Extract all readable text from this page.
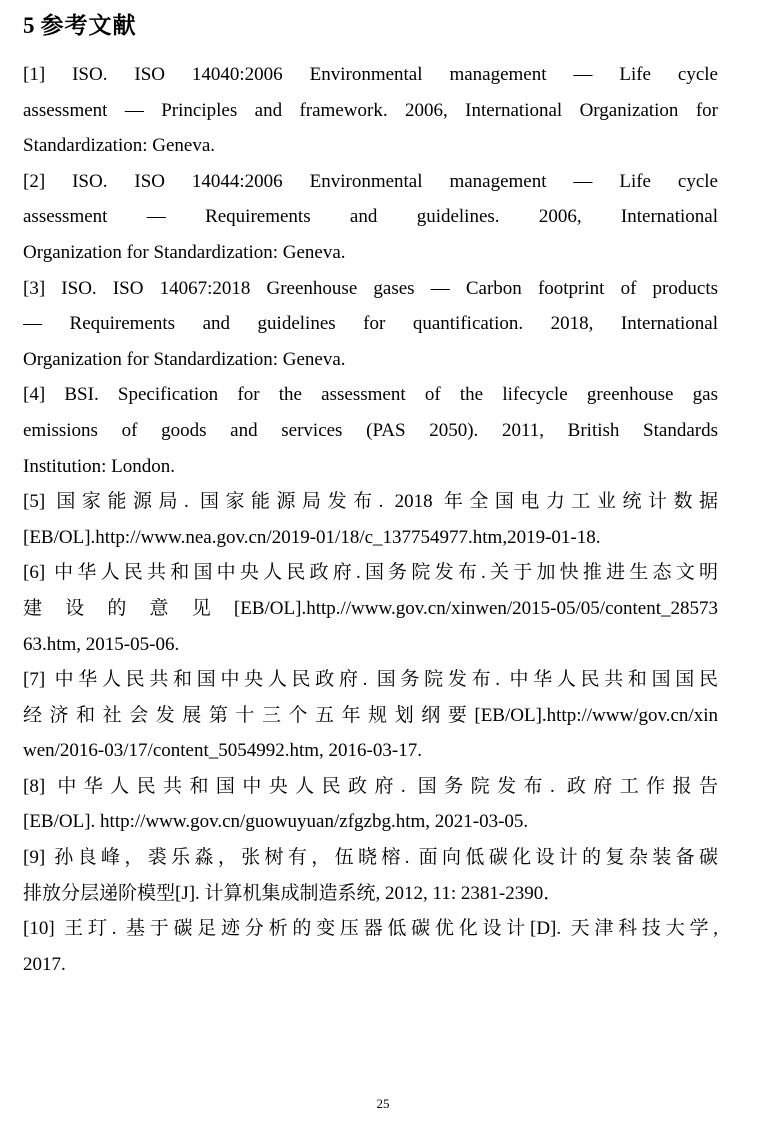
5 参考文献
[1] ISO. ISO 14040:2006 Environmental management — Life cycle
assessment — Principles and framework. 2006, International Organization for
Standardization: Geneva.
[2] ISO. ISO 14044:2006 Environmental management — Life cycle
assessment — Requirements and guidelines. 2006, International
Organization for Standardization: Geneva.
[3] ISO. ISO 14067:2018 Greenhouse gases — Carbon footprint of products
— Requirements and guidelines for quantification. 2018, International
Organization for Standardization: Geneva.
[4] BSI. Specification for the assessment of the lifecycle greenhouse gas
emissions of goods and services (PAS 2050). 2011, British Standards
Institution: London.
[5] 国家能源局. 国家能源局发布. 2018 年全国电力工业统计数据
[EB/OL].http://www.nea.gov.cn/2019-01/18/c_137754977.htm,2019-01-18.
[6] 中华人民共和国中央人民政府.国务院发布.关于加快推进生态文明
建设的意见[EB/OL].http.//www.gov.cn/xinwen/2015-05/05/content_28573
63.htm, 2015-05-06.
[7] 中华人民共和国中央人民政府. 国务院发布. 中华人民共和国国民
经济和社会发展第十三个五年规划纲要[EB/OL].http://www/gov.cn/xin
wen/2016-03/17/content_5054992.htm, 2016-03-17.
[8] 中华人民共和国中央人民政府. 国务院发布. 政府工作报告
[EB/OL]. http://www.gov.cn/guowuyuan/zfgzbg.htm, 2021-03-05.
[9] 孙良峰，裘乐淼，张树有，伍晓榕. 面向低碳化设计的复杂装备碳
排放分层递阶模型[J]. 计算机集成制造系统, 2012, 11: 2381-2390．
[10] 王玎. 基于碳足迹分析的变压器低碳优化设计[D]. 天津科技大学,
2017.
25
